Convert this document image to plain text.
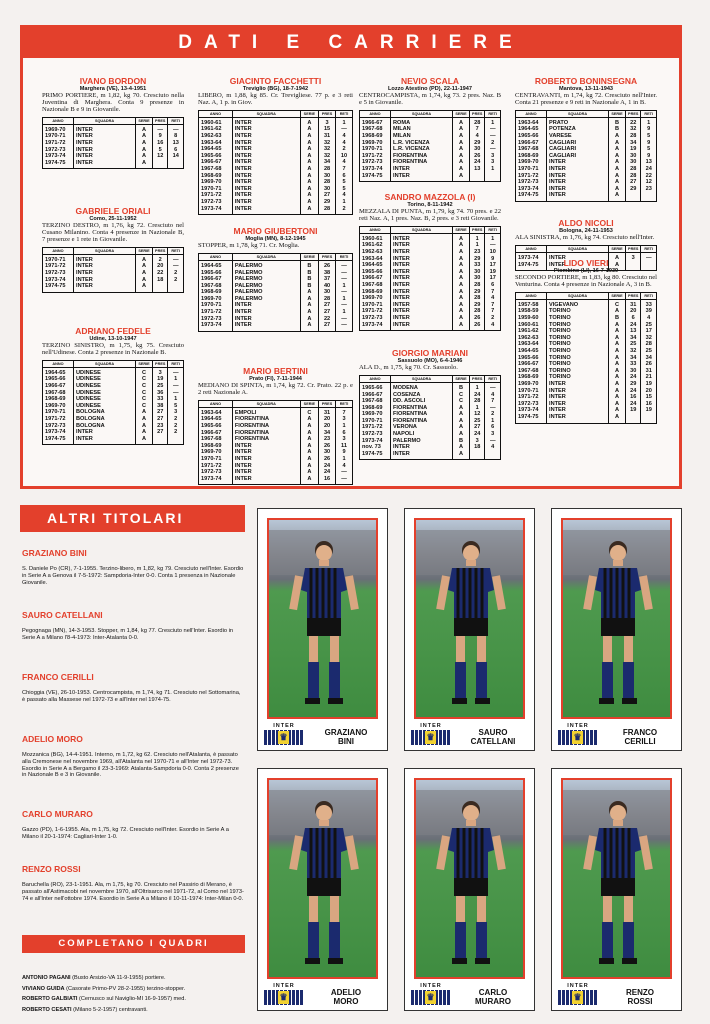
DATI E CARRIERE
IVANO BORDON
Marghera (VE), 13-4-1951
PRIMO PORTIERE, m 1,82, kg 70. Cresciuto nella Juventina di Marghera. Conta 9 presenze in Nazionale B e 9 in Giovanile.
ANNO	SQUADRA	SERIE	PRES	RETI
1969-70	INTER	A	—	—
1970-71	INTER	A	9	8
1971-72	INTER	A	16	13
1972-73	INTER	A	5	6
1973-74	INTER	A	12	14
1974-75	INTER	A		
GABRIELE ORIALI
Como, 25-11-1952
TERZINO DESTRO, m 1,76, kg 72. Cresciuto nel Cusano Milanino. Conta 4 presenze in Nazionale B, 7 presenze e 1 rete in Giovanile.
ANNO	SQUADRA	SERIE	PRES	RETI
1970-71	INTER	A	2	—
1971-72	INTER	A	20	—
1972-73	INTER	A	22	2
1973-74	INTER	A	18	2
1974-75	INTER	A		
ADRIANO FEDELE
Udine, 13-10-1947
TERZINO SINISTRO, m 1,75, kg 75. Cresciuto nell'Udinese. Conta 2 presenze in Nazionale B.
ANNO	SQUADRA	SERIE	PRES	RETI
1964-65	UDINESE	C	3	—
1965-66	UDINESE	C	19	1
1966-67	UDINESE	C	25	—
1967-68	UDINESE	C	36	—
1968-69	UDINESE	C	33	1
1969-70	UDINESE	C	38	5
1970-71	BOLOGNA	A	27	3
1971-72	BOLOGNA	A	27	2
1972-73	BOLOGNA	A	23	2
1973-74	INTER	A	27	2
1974-75	INTER	A		
GIACINTO FACCHETTI
Treviglio (BG), 18-7-1942
LIBERO, m 1,88, kg 85. Cr. Trevigliese. 77 p. e 3 reti Naz. A, 1 p. in Giov.
ANNO	SQUADRA	SERIE	PRES	RETI
1960-61	INTER	A	3	1
1961-62	INTER	A	15	—
1962-63	INTER	A	31	4
1963-64	INTER	A	32	4
1964-65	INTER	A	32	2
1965-66	INTER	A	32	10
1966-67	INTER	A	34	4
1967-68	INTER	A	28	7
1968-69	INTER	A	30	6
1969-70	INTER	A	28	5
1970-71	INTER	A	30	5
1971-72	INTER	A	27	4
1972-73	INTER	A	29	1
1973-74	INTER	A	28	2
MARIO GIUBERTONI
Moglia (MN), 8-12-1945
STOPPER, m 1,78, kg 71. Cr. Moglia.
ANNO	SQUADRA	SERIE	PRES	RETI
1964-65	PALERMO	B	26	—
1965-66	PALERMO	B	38	—
1966-67	PALERMO	B	37	—
1967-68	PALERMO	B	40	1
1968-69	PALERMO	A	30	—
1969-70	PALERMO	A	28	1
1970-71	INTER	A	27	—
1971-72	INTER	A	27	1
1972-73	INTER	A	22	—
1973-74	INTER	A	27	—
MARIO BERTINI
Prato (FI), 7-11-1944
MEDIANO DI SPINTA, m 1,74, kg 72. Cr. Prato. 22 p. e 2 reti Nazionale A.
ANNO	SQUADRA	SERIE	PRES	RETI
1963-64	EMPOLI	C	31	7
1964-65	FIORENTINA	A	20	3
1965-66	FIORENTINA	A	20	1
1966-67	FIORENTINA	A	34	6
1967-68	FIORENTINA	A	23	3
1968-69	INTER	A	26	11
1969-70	INTER	A	30	9
1970-71	INTER	A	26	1
1971-72	INTER	A	24	4
1972-73	INTER	A	24	—
1973-74	INTER	A	16	—
NEVIO SCALA
Lozzo Atestino (PD), 22-11-1947
CENTROCAMPISTA, m 1,74, kg 73. 2 pres. Naz. B e 5 in Giovanile.
ANNO	SQUADRA	SERIE	PRES	RETI
1966-67	ROMA	A	28	1
1967-68	MILAN	A	7	—
1968-69	MILAN	A	4	—
1969-70	L.R. VICENZA	A	29	2
1970-71	L.R. VICENZA	A	30	—
1971-72	FIORENTINA	A	26	3
1972-73	FIORENTINA	A	24	3
1973-74	INTER	A	13	1
1974-75	INTER	A		
SANDRO MAZZOLA (I)
Torino, 8-11-1942
MEZZALA DI PUNTA, m 1,79, kg 74. 70 pres. e 22 reti Naz. A, 1 pres. Naz. B, 2 pres. e 3 reti Giovanile.
ANNO	SQUADRA	SERIE	PRES	RETI
1960-61	INTER	A	1	1
1961-62	INTER	A	1	—
1962-63	INTER	A	23	10
1963-64	INTER	A	29	9
1964-65	INTER	A	33	17
1965-66	INTER	A	30	19
1966-67	INTER	A	30	17
1967-68	INTER	A	28	6
1968-69	INTER	A	29	7
1969-70	INTER	A	28	4
1970-71	INTER	A	29	7
1971-72	INTER	A	28	7
1972-73	INTER	A	26	2
1973-74	INTER	A	26	4
GIORGIO MARIANI
Sassuolo (MO), 6-4-1946
ALA D., m 1,75, kg 70. Cr. Sassuolo.
ANNO	SQUADRA	SERIE	PRES	RETI
1965-66	MODENA	B	1	—
1966-67	COSENZA	C	24	4
1967-68	DD. ASCOLI	C	28	7
1968-69	FIORENTINA	A	1	—
1969-70	FIORENTINA	A	12	2
1970-71	FIORENTINA	A	25	1
1971-72	VERONA	A	27	6
1972-73	NAPOLI	A	24	3
1973-74	PALERMO	B	3	—
nov. 73	INTER	A	18	4
1974-75	INTER	A		
ROBERTO BONINSEGNA
Mantova, 13-11-1943
CENTRAVANTI, m 1,74, kg 72. Cresciuto nell'Inter. Conta 21 presenze e 9 reti in Nazionale A, 1 in B.
ANNO	SQUADRA	SERIE	PRES	RETI
1963-64	PRATO	B	22	1
1964-65	POTENZA	B	32	9
1965-66	VARESE	A	28	5
1966-67	CAGLIARI	A	34	9
1967-68	CAGLIARI	A	19	5
1968-69	CAGLIARI	A	30	9
1969-70	INTER	A	30	13
1970-71	INTER	A	28	24
1971-72	INTER	A	28	22
1972-73	INTER	A	27	12
1973-74	INTER	A	29	23
1974-75	INTER	A		
ALDO NICOLI
Bologna, 24-11-1953
ALA SINISTRA, m 1,76, kg 74. Cresciuto nell'Inter.
ANNO	SQUADRA	SERIE	PRES	RETI
1973-74	INTER	A	3	—
1974-75	INTER	A		
LIDO VIERI
Piombino (LI), 16-7-1939
SECONDO PORTIERE, m 1,83, kg 80. Cresciuto nel Venturina. Conta 4 presenze in Nazionale A, 3 in B.
ANNO	SQUADRA	SERIE	PRES	RETI
1957-58	VIGEVANO	C	31	33
1958-59	TORINO	A	20	39
1959-60	TORINO	B	6	4
1960-61	TORINO	A	24	25
1961-62	TORINO	A	13	17
1962-63	TORINO	A	34	32
1963-64	TORINO	A	25	28
1964-65	TORINO	A	32	25
1965-66	TORINO	A	34	34
1966-67	TORINO	A	33	26
1967-68	TORINO	A	30	31
1968-69	TORINO	A	24	21
1969-70	INTER	A	29	19
1970-71	INTER	A	24	20
1971-72	INTER	A	16	15
1972-73	INTER	A	24	16
1973-74	INTER	A	19	19
1974-75	INTER	A		
ALTRI TITOLARI
GRAZIANO BINI

S. Daniele Po (CR), 7-1-1955. Terzino-libero, m 1,82, kg 79. Cresciuto nell'Inter. Esordio in Serie A a Genova il 7-5-1972: Sampdoria-Inter 0-0. Conta 1 presenza in Nazionale Giovanile.

SAURO CATELLANI

Pegognaga (MN), 14-3-1953. Stopper, m 1,84, kg 77. Cresciuto nell'Inter. Esordio in Serie A a Milano l'8-4-1973: Inter-Atalanta 0-0.

FRANCO CERILLI

Chioggia (VE), 26-10-1953. Centrocampista, m 1,74, kg 71. Cresciuto nel Sottomarina, è passato alla Massese nel 1972-73 e all'Inter nel 1974-75.

ADELIO MORO

Mozzanica (BG), 14-4-1951. Interno, m 1,72, kg 62. Cresciuto nell'Atalanta, è passato alla Cremonese nel novembre 1969, all'Atalanta nel 1970-71 e all'Inter nel 1972-73. Esordio in Serie A a Bergamo il 23-3-1969: Atalanta-Sampdoria 0-0. Conta 2 presenze in Nazionale B e 3 in Giovanile.

CARLO MURARO

Gazzo (PD), 1-6-1955. Ala, m 1,75, kg 72. Cresciuto nell'Inter. Esordio in Serie A a Milano il 20-1-1974: Cagliari-Inter 1-0.

RENZO ROSSI

Baruchella (RO), 23-1-1951. Ala, m 1,75, kg 70. Cresciuto nel Passirio di Merano, è passato all'Astimacobi nel novembre 1970, all'Oltrisarco nel 1971-72, al Como nel 1973-74 e all'Inter nell'ottobre 1974. Esordio in Serie A a Milano il 10-11-1974: Inter-Milan 0-0.

COMPLETANO I QUADRI
ANTONIO PAGANI (Busto Arsizio-VA 11-9-1955) portiere.
VIVIANO GUIDA (Casorate Primo-PV 28-2-1955) terzino-stopper.
ROBERTO GALBIATI (Cernusco sul Naviglio-MI 16-9-1957) med.
ROBERTO CESATI (Milano 5-2-1957) centravanti.
INTER
♛	GRAZIANO
BINI
INTER
♛	SAURO
CATELLANI
INTER
♛	FRANCO
CERILLI
INTER
♛	ADELIO
MORO
INTER
♛	CARLO
MURARO
INTER
♛	RENZO
ROSSI
